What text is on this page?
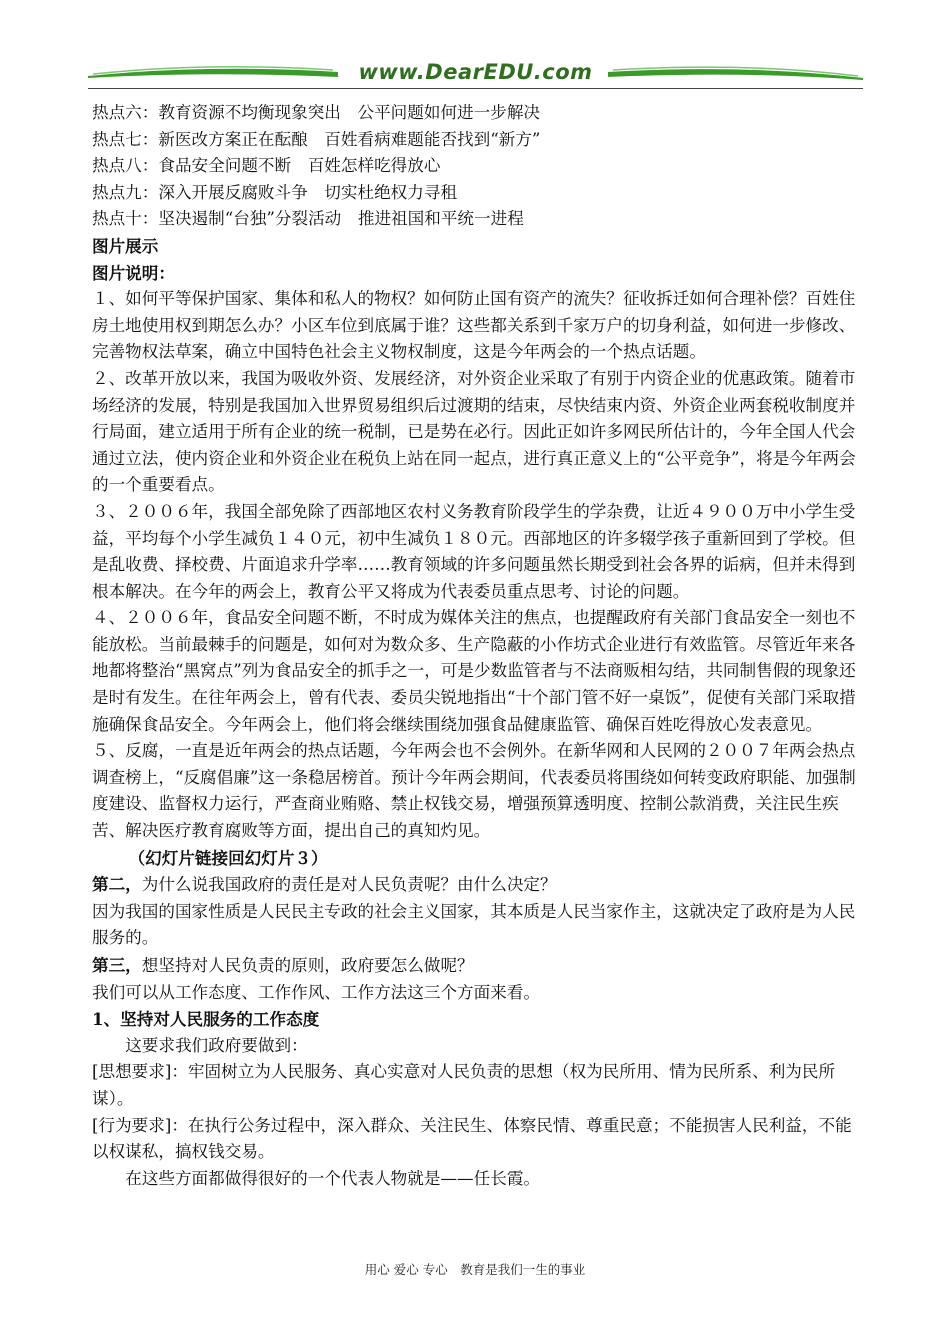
www.DearEDU.com

热点六：教育资源不均衡现象突出　公平问题如何进一步解决

热点七：新医改方案正在酝酿　百姓看病难题能否找到“新方”

热点八：食品安全问题不断　百姓怎样吃得放心

热点九：深入开展反腐败斗争　切实杜绝权力寻租

热点十：坚决遏制“台独”分裂活动　推进祖国和平统一进程

图片展示

图片说明：

１、如何平等保护国家、集体和私人的物权？如何防止国有资产的流失？征收拆迁如何合理补偿？百姓住房土地使用权到期怎么办？小区车位到底属于谁？这些都关系到千家万户的切身利益，如何进一步修改、完善物权法草案，确立中国特色社会主义物权制度，这是今年两会的一个热点话题。

２、改革开放以来，我国为吸收外资、发展经济，对外资企业采取了有别于内资企业的优惠政策。随着市场经济的发展，特别是我国加入世界贸易组织后过渡期的结束，尽快结束内资、外资企业两套税收制度并行局面，建立适用于所有企业的统一税制，已是势在必行。因此正如许多网民所估计的，今年全国人代会通过立法，使内资企业和外资企业在税负上站在同一起点，进行真正意义上的“公平竞争”，将是今年两会的一个重要看点。

３、２００６年，我国全部免除了西部地区农村义务教育阶段学生的学杂费，让近４９００万中小学生受益，平均每个小学生减负１４０元，初中生减负１８０元。西部地区的许多辍学孩子重新回到了学校。但是乱收费、择校费、片面追求升学率……教育领域的许多问题虽然长期受到社会各界的诟病，但并未得到根本解决。在今年的两会上，教育公平又将成为代表委员重点思考、讨论的问题。

４、２００６年，食品安全问题不断，不时成为媒体关注的焦点，也提醒政府有关部门食品安全一刻也不能放松。当前最棘手的问题是，如何对为数众多、生产隐蔽的小作坊式企业进行有效监管。尽管近年来各地都将整治“黑窝点”列为食品安全的抓手之一，可是少数监管者与不法商贩相勾结，共同制售假的现象还是时有发生。在往年两会上，曾有代表、委员尖锐地指出“十个部门管不好一桌饭”，促使有关部门采取措施确保食品安全。今年两会上，他们将会继续围绕加强食品健康监管、确保百姓吃得放心发表意见。

５、反腐，一直是近年两会的热点话题，今年两会也不会例外。在新华网和人民网的２００７年两会热点调查榜上，“反腐倡廉”这一条稳居榜首。预计今年两会期间，代表委员将围绕如何转变政府职能、加强制度建设、监督权力运行，严查商业贿赂、禁止权钱交易，增强预算透明度、控制公款消费，关注民生疾苦、解决医疗教育腐败等方面，提出自己的真知灼见。

（幻灯片链接回幻灯片３）

第二，为什么说我国政府的责任是对人民负责呢？由什么决定？

因为我国的国家性质是人民民主专政的社会主义国家，其本质是人民当家作主，这就决定了政府是为人民服务的。

第三，想坚持对人民负责的原则，政府要怎么做呢？

我们可以从工作态度、工作作风、工作方法这三个方面来看。

1、坚持对人民服务的工作态度

这要求我们政府要做到：

[思想要求]：牢固树立为人民服务、真心实意对人民负责的思想（权为民所用、情为民所系、利为民所谋）。

[行为要求]：在执行公务过程中，深入群众、关注民生、体察民情、尊重民意；不能损害人民利益，不能以权谋私，搞权钱交易。

在这些方面都做得很好的一个代表人物就是——任长霞。

用心 爱心 专心　教育是我们一生的事业
